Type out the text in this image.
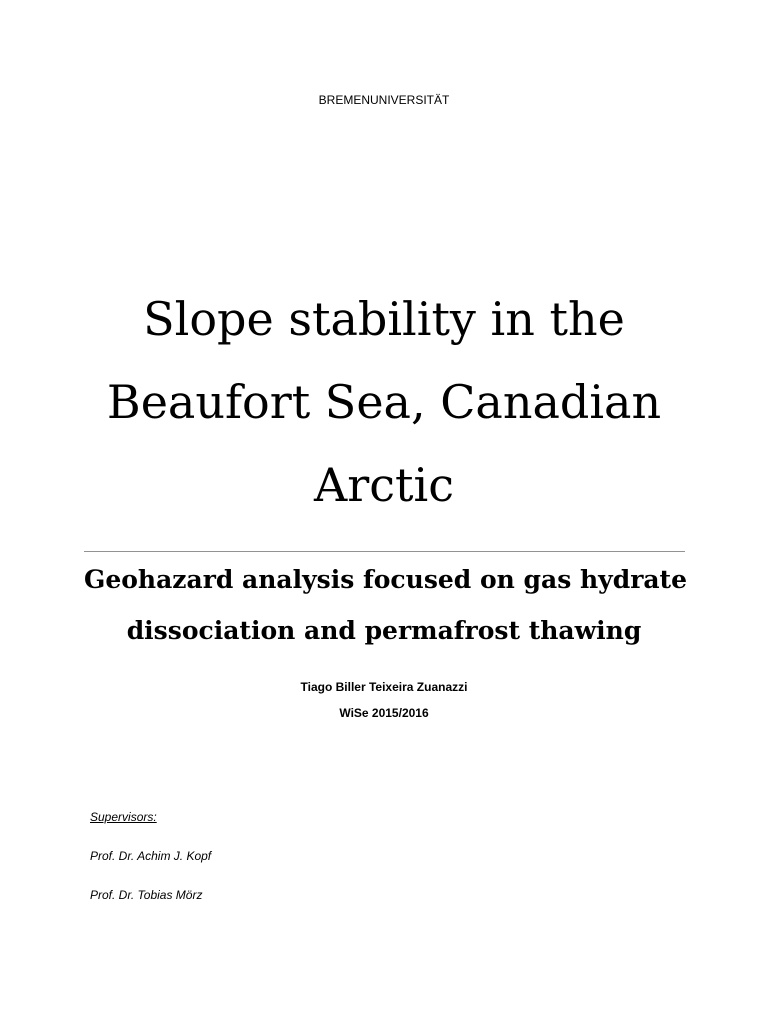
BREMENUNIVERSITÄT
Slope stability in the
Beaufort Sea, Canadian
Arctic
Geohazard analysis focused on gas hydrate
dissociation and permafrost thawing
Tiago Biller Teixeira Zuanazzi
WiSe 2015/2016
Supervisors:
Prof. Dr. Achim J. Kopf
Prof. Dr. Tobias Mörz
